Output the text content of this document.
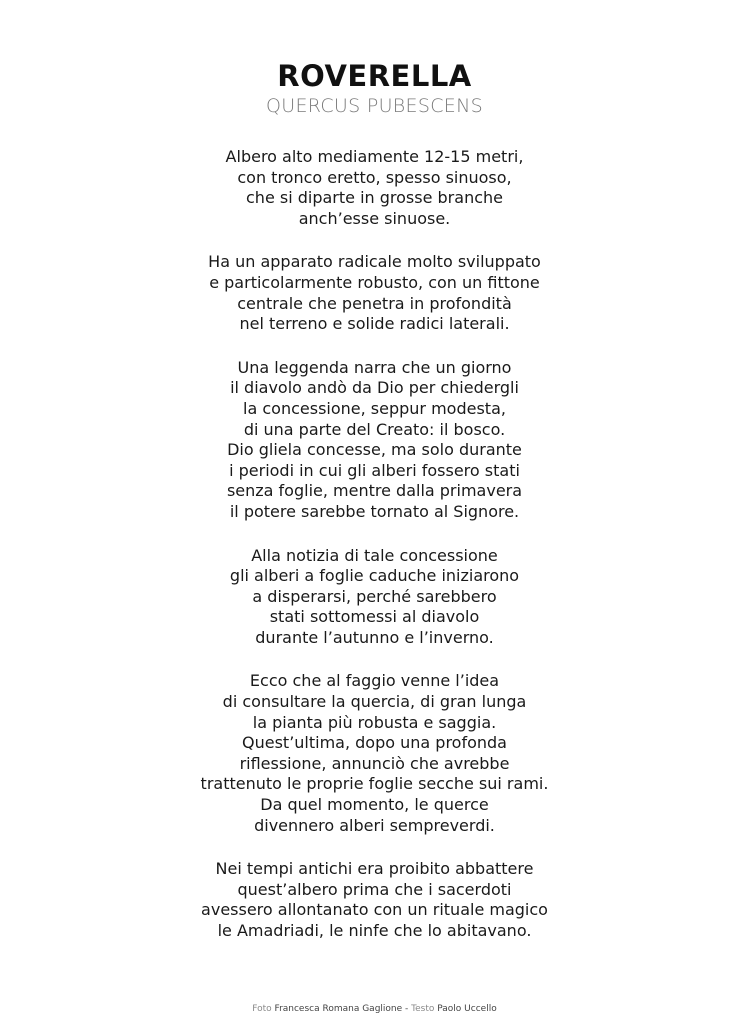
ROVERELLA
QUERCUS PUBESCENS
Albero alto mediamente 12-15 metri,
con tronco eretto, spesso sinuoso,
che si diparte in grosse branche
anch’esse sinuose.
Ha un apparato radicale molto sviluppato
e particolarmente robusto, con un fittone
centrale che penetra in profondità
nel terreno e solide radici laterali.
Una leggenda narra che un giorno
il diavolo andò da Dio per chiedergli
la concessione, seppur modesta,
di una parte del Creato: il bosco.
Dio gliela concesse, ma solo durante
i periodi in cui gli alberi fossero stati
senza foglie, mentre dalla primavera
il potere sarebbe tornato al Signore.
Alla notizia di tale concessione
gli alberi a foglie caduche iniziarono
a disperarsi, perché sarebbero
stati sottomessi al diavolo
durante l’autunno e l’inverno.
Ecco che al faggio venne l’idea
di consultare la quercia, di gran lunga
la pianta più robusta e saggia.
Quest’ultima, dopo una profonda
riflessione, annunciò che avrebbe
trattenuto le proprie foglie secche sui rami.
Da quel momento, le querce
divennero alberi sempreverdi.
Nei tempi antichi era proibito abbattere
quest’albero prima che i sacerdoti
avessero allontanato con un rituale magico
le Amadriadi, le ninfe che lo abitavano.
Foto Francesca Romana Gaglione - Testo Paolo Uccello
